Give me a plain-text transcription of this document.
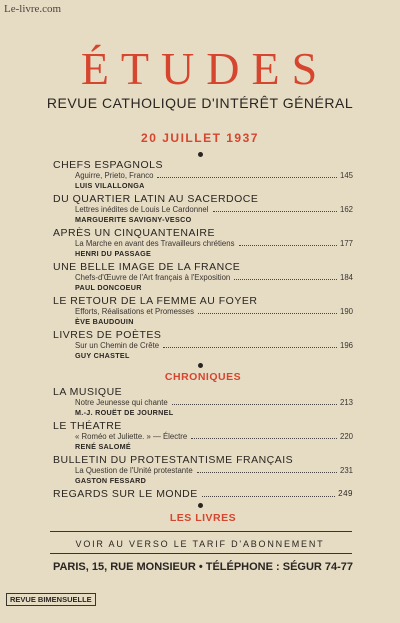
Le-livre.com
ÉTUDES
REVUE CATHOLIQUE D'INTÉRÊT GÉNÉRAL
20 JUILLET 1937
CHEFS ESPAGNOLS
Aguirre, Prieto, Franco	145
LUIS VILALLONGA
DU QUARTIER LATIN AU SACERDOCE
Lettres inédites de Louis Le Cardonnel	162
MARGUERITE SAVIGNY-VESCO
APRÈS UN CINQUANTENAIRE
La Marche en avant des Travailleurs chrétiens	177
HENRI DU PASSAGE
UNE BELLE IMAGE DE LA FRANCE
Chefs-d'Œuvre de l'Art français à l'Exposition	184
PAUL DONCOEUR
LE RETOUR DE LA FEMME AU FOYER
Efforts, Réalisations et Promesses	190
ÈVE BAUDOUIN
LIVRES DE POÈTES
Sur un Chemin de Crête	196
GUY CHASTEL
CHRONIQUES
LA MUSIQUE
Notre Jeunesse qui chante	213
M.-J. ROUËT DE JOURNEL
LE THÉATRE
« Roméo et Juliette. » — Électre	220
RENÉ SALOMÉ
BULLETIN DU PROTESTANTISME FRANÇAIS
La Question de l'Unité protestante	231
GASTON FESSARD
REGARDS SUR LE MONDE	249
LES LIVRES
VOIR AU VERSO LE TARIF D'ABONNEMENT
PARIS, 15, RUE MONSIEUR • TÉLÉPHONE : SÉGUR 74-77
REVUE BIMENSUELLE
